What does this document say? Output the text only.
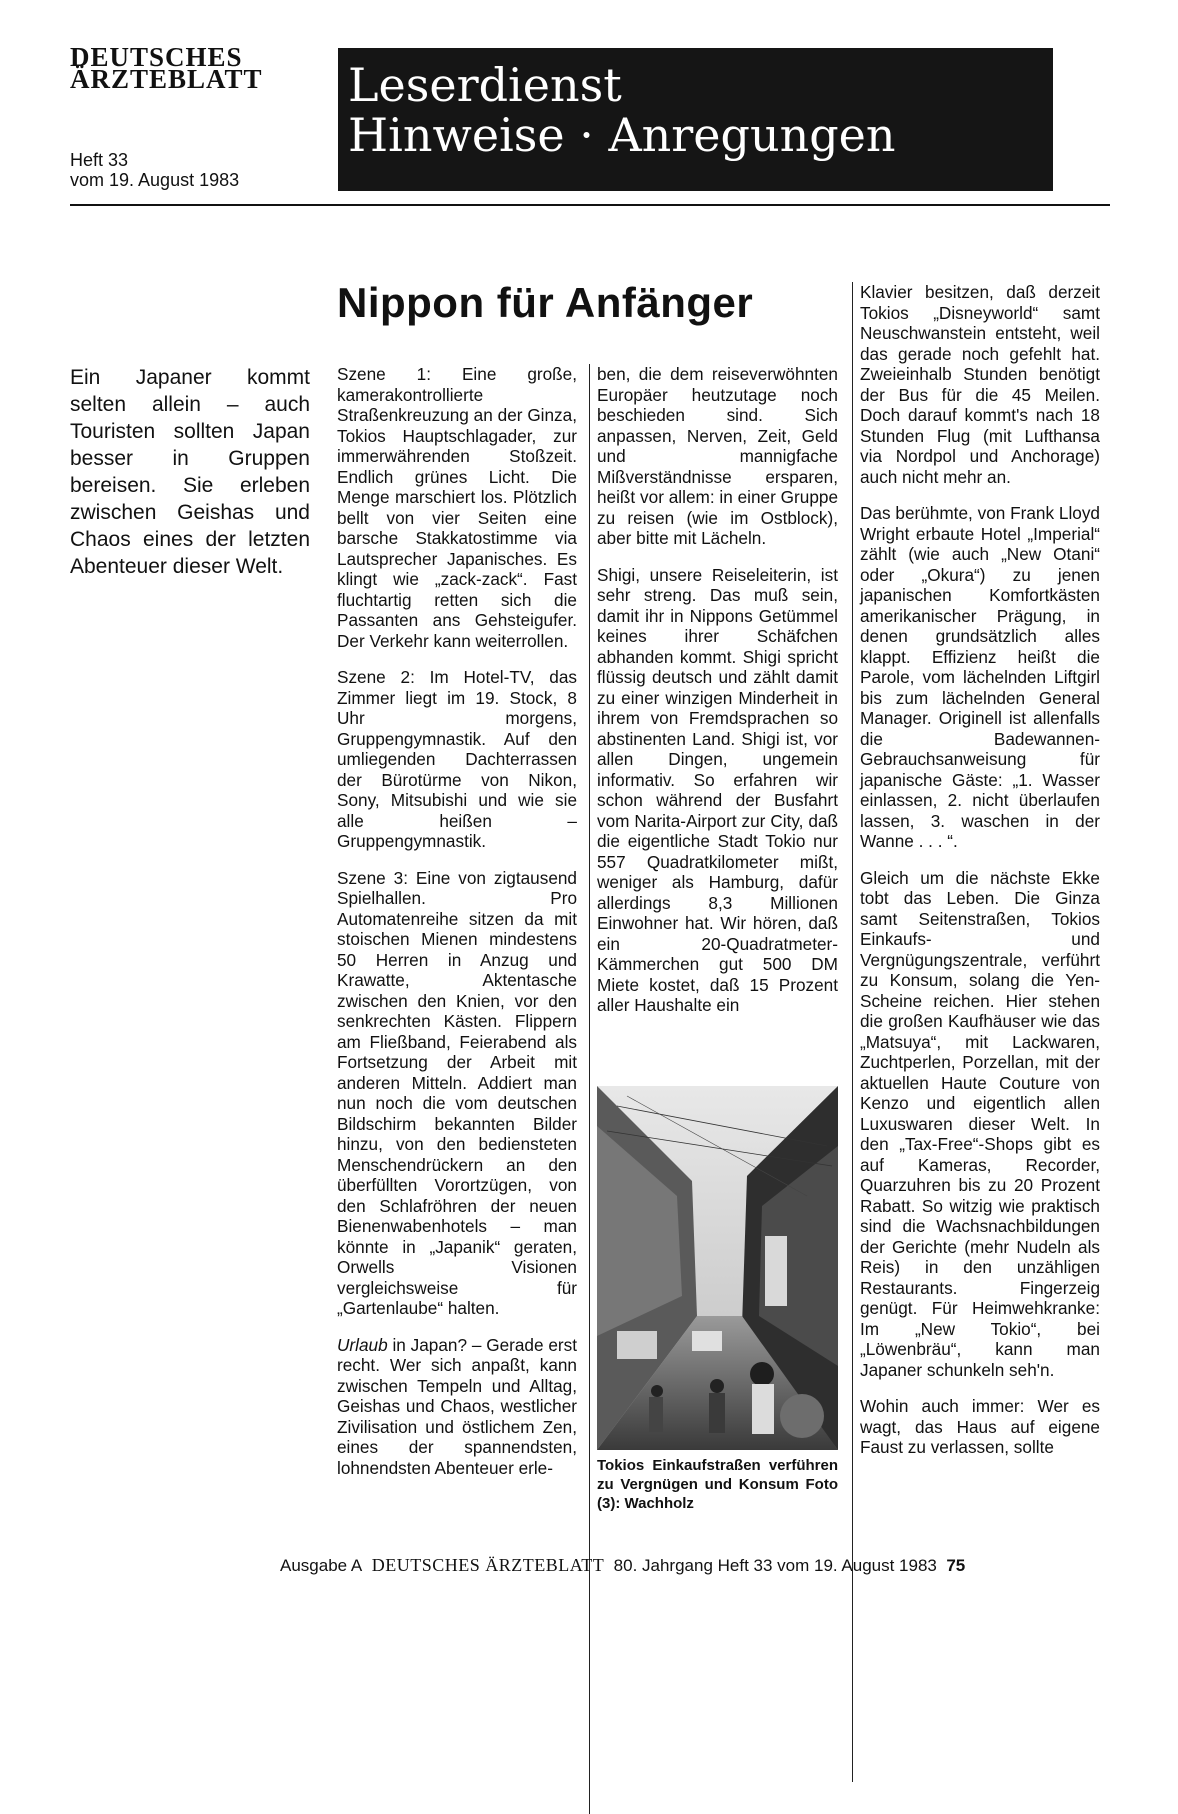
DEUTSCHES
ÄRZTEBLATT
Heft 33
vom 19. August 1983
Leserdienst
Hinweise · Anregungen
Nippon für Anfänger
Ein Japaner kommt selten allein – auch Touristen sollten Japan besser in Gruppen bereisen. Sie erleben zwischen Geishas und Chaos eines der letzten Abenteuer dieser Welt.

Szene 1: Eine große, kamerakontrollierte Straßenkreuzung an der Ginza, Tokios Hauptschlagader, zur immerwährenden Stoßzeit. Endlich grünes Licht. Die Menge marschiert los. Plötzlich bellt von vier Seiten eine barsche Stakkatostimme via Lautsprecher Japanisches. Es klingt wie „zack-zack“. Fast fluchtartig retten sich die Passanten ans Gehsteigufer. Der Verkehr kann weiterrollen.

Szene 2: Im Hotel-TV, das Zimmer liegt im 19. Stock, 8 Uhr morgens, Gruppengymnastik. Auf den umliegenden Dachterrassen der Bürotürme von Nikon, Sony, Mitsubishi und wie sie alle heißen – Gruppengymnastik.

Szene 3: Eine von zigtausend Spielhallen. Pro Automatenreihe sitzen da mit stoischen Mienen mindestens 50 Herren in Anzug und Krawatte, Aktentasche zwischen den Knien, vor den senkrechten Kästen. Flippern am Fließband, Feierabend als Fortsetzung der Arbeit mit anderen Mitteln. Addiert man nun noch die vom deutschen Bildschirm bekannten Bilder hinzu, von den bediensteten Menschendrückern an den überfüllten Vorortzügen, von den Schlafröhren der neuen Bienenwabenhotels – man könnte in „Japanik“ geraten, Orwells Visionen vergleichsweise für „Gartenlaube“ halten.

Urlaub in Japan? – Gerade erst recht. Wer sich anpaßt, kann zwischen Tempeln und Alltag, Geishas und Chaos, westlicher Zivilisation und östlichem Zen, eines der spannendsten, lohnendsten Abenteuer erle-

ben, die dem reiseverwöhnten Europäer heutzutage noch beschieden sind. Sich anpassen, Nerven, Zeit, Geld und mannigfache Mißverständnisse ersparen, heißt vor allem: in einer Gruppe zu reisen (wie im Ostblock), aber bitte mit Lächeln.

Shigi, unsere Reiseleiterin, ist sehr streng. Das muß sein, damit ihr in Nippons Getümmel keines ihrer Schäfchen abhanden kommt. Shigi spricht flüssig deutsch und zählt damit zu einer winzigen Minderheit in ihrem von Fremdsprachen so abstinenten Land. Shigi ist, vor allen Dingen, ungemein informativ. So erfahren wir schon während der Busfahrt vom Narita-Airport zur City, daß die eigentliche Stadt Tokio nur 557 Quadratkilometer mißt, weniger als Hamburg, dafür allerdings 8,3 Millionen Einwohner hat. Wir hören, daß ein 20-Quadratmeter-Kämmerchen gut 500 DM Miete kostet, daß 15 Prozent aller Haushalte ein

Tokios Einkaufstraßen verführen zu Vergnügen und Konsum Foto (3): Wachholz

Klavier besitzen, daß derzeit Tokios „Disneyworld“ samt Neuschwanstein entsteht, weil das gerade noch gefehlt hat. Zweieinhalb Stunden benötigt der Bus für die 45 Meilen. Doch darauf kommt's nach 18 Stunden Flug (mit Lufthansa via Nordpol und Anchorage) auch nicht mehr an.

Das berühmte, von Frank Lloyd Wright erbaute Hotel „Imperial“ zählt (wie auch „New Otani“ oder „Okura“) zu jenen japanischen Komfortkästen amerikanischer Prägung, in denen grundsätzlich alles klappt. Effizienz heißt die Parole, vom lächelnden Liftgirl bis zum lächelnden General Manager. Originell ist allenfalls die Badewannen-Gebrauchsanweisung für japanische Gäste: „1. Wasser einlassen, 2. nicht überlaufen lassen, 3. waschen in der Wanne . . . “.

Gleich um die nächste Ekke tobt das Leben. Die Ginza samt Seitenstraßen, Tokios Einkaufs- und Vergnügungszentrale, verführt zu Konsum, solang die Yen-Scheine reichen. Hier stehen die großen Kaufhäuser wie das „Matsuya“, mit Lackwaren, Zuchtperlen, Porzellan, mit der aktuellen Haute Couture von Kenzo und eigentlich allen Luxuswaren dieser Welt. In den „Tax-Free“-Shops gibt es auf Kameras, Recorder, Quarzuhren bis zu 20 Prozent Rabatt. So witzig wie praktisch sind die Wachsnachbildungen der Gerichte (mehr Nudeln als Reis) in den unzähligen Restaurants. Fingerzeig genügt. Für Heimwehkranke: Im „New Tokio“, bei „Löwenbräu“, kann man Japaner schunkeln seh'n.

Wohin auch immer: Wer es wagt, das Haus auf eigene Faust zu verlassen, sollte

Ausgabe A DEUTSCHES ÄRZTEBLATT 80. Jahrgang Heft 33 vom 19. August 1983 75
